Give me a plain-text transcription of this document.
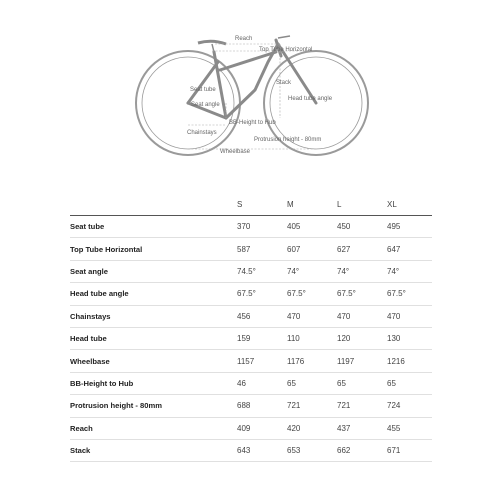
Reach
Top Tube Horizontal
Stack
Seat tube
Seat angle
Head tube angle
Chainstays
BB-Height to Hub
Protrusion height - 80mm
Wheelbase
	S	M	L	XL
Seat tube	370	405	450	495
Top Tube Horizontal	587	607	627	647
Seat angle	74.5°	74°	74°	74°
Head tube angle	67.5°	67.5°	67.5°	67.5°
Chainstays	456	470	470	470
Head tube	159	110	120	130
Wheelbase	1157	1176	1197	1216
BB-Height to Hub	46	65	65	65
Protrusion height - 80mm	688	721	721	724
Reach	409	420	437	455
Stack	643	653	662	671
